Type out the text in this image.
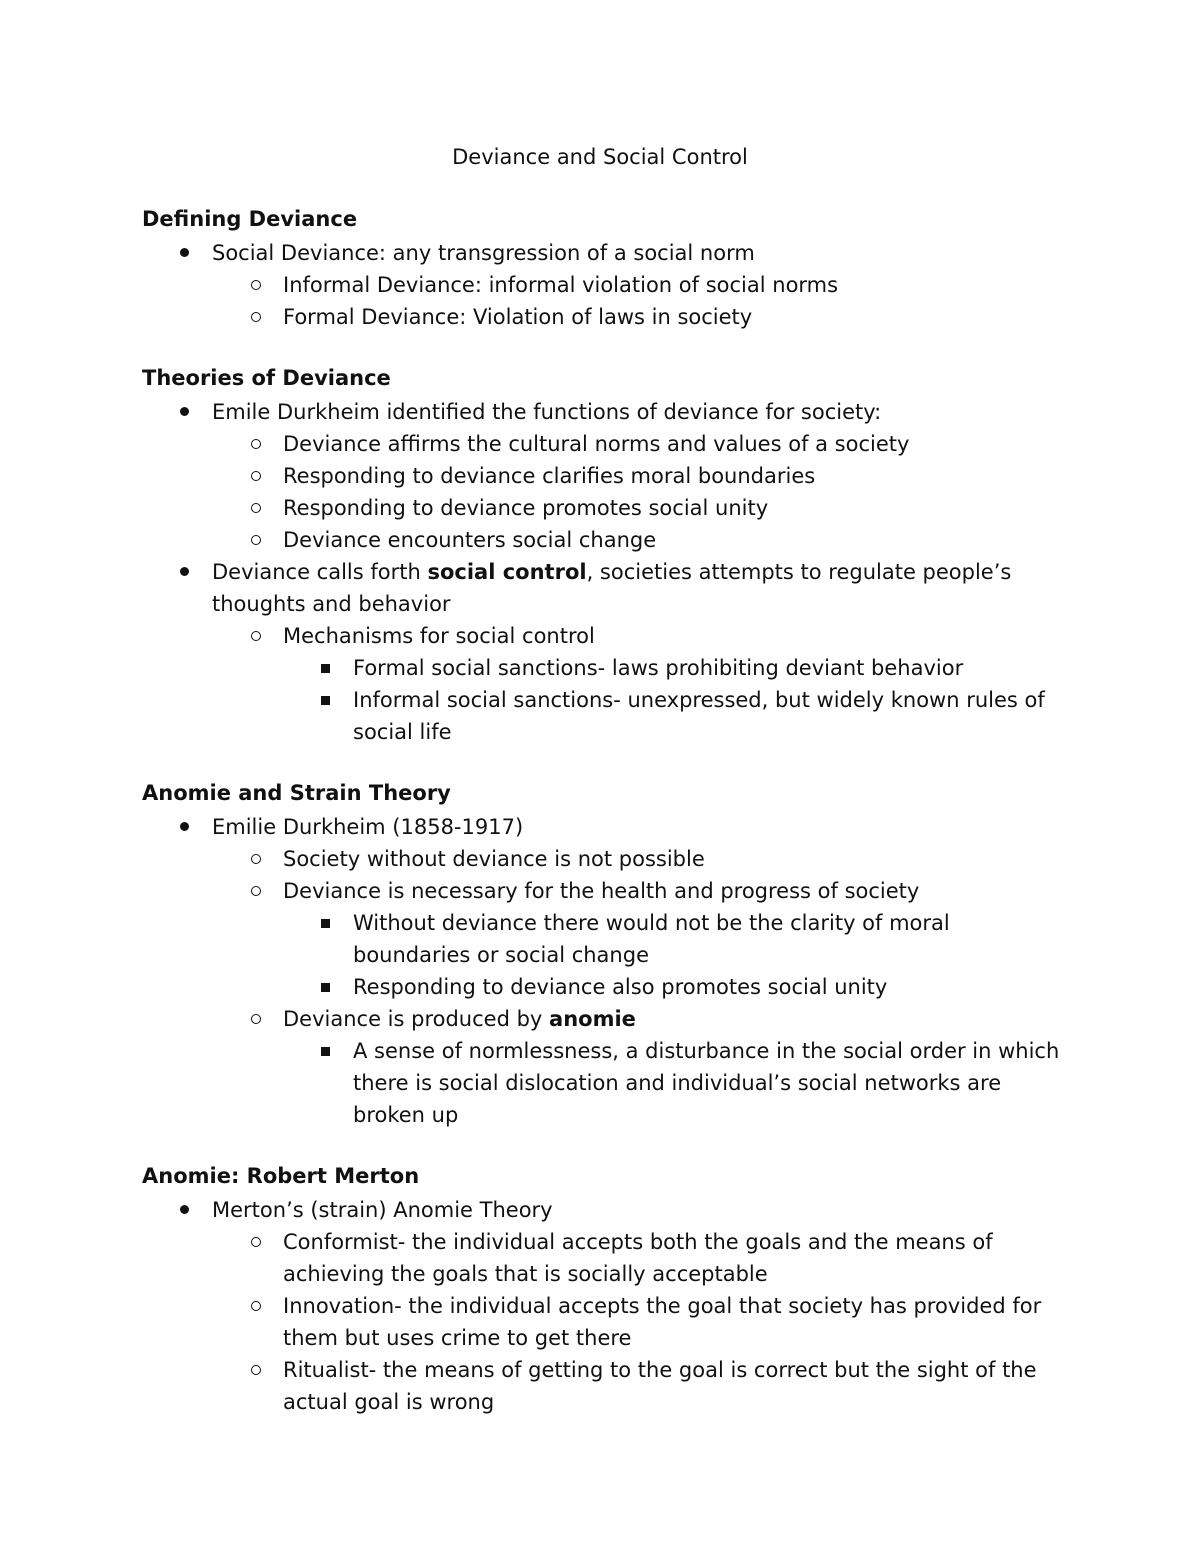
Deviance and Social Control
Defining Deviance
Social Deviance: any transgression of a social norm
Informal Deviance: informal violation of social norms
Formal Deviance: Violation of laws in society
Theories of Deviance
Emile Durkheim identified the functions of deviance for society:
Deviance affirms the cultural norms and values of a society
Responding to deviance clarifies moral boundaries
Responding to deviance promotes social unity
Deviance encounters social change
Deviance calls forth social control, societies attempts to regulate people’s thoughts and behavior
Mechanisms for social control
Formal social sanctions- laws prohibiting deviant behavior
Informal social sanctions- unexpressed, but widely known rules of social life
Anomie and Strain Theory
Emilie Durkheim (1858-1917)
Society without deviance is not possible
Deviance is necessary for the health and progress of society
Without deviance there would not be the clarity of moral boundaries or social change
Responding to deviance also promotes social unity
Deviance is produced by anomie
A sense of normlessness, a disturbance in the social order in which there is social dislocation and individual’s social networks are broken up
Anomie: Robert Merton
Merton’s (strain) Anomie Theory
Conformist- the individual accepts both the goals and the means of achieving the goals that is socially acceptable
Innovation- the individual accepts the goal that society has provided for them but uses crime to get there
Ritualist- the means of getting to the goal is correct but the sight of the actual goal is wrong
